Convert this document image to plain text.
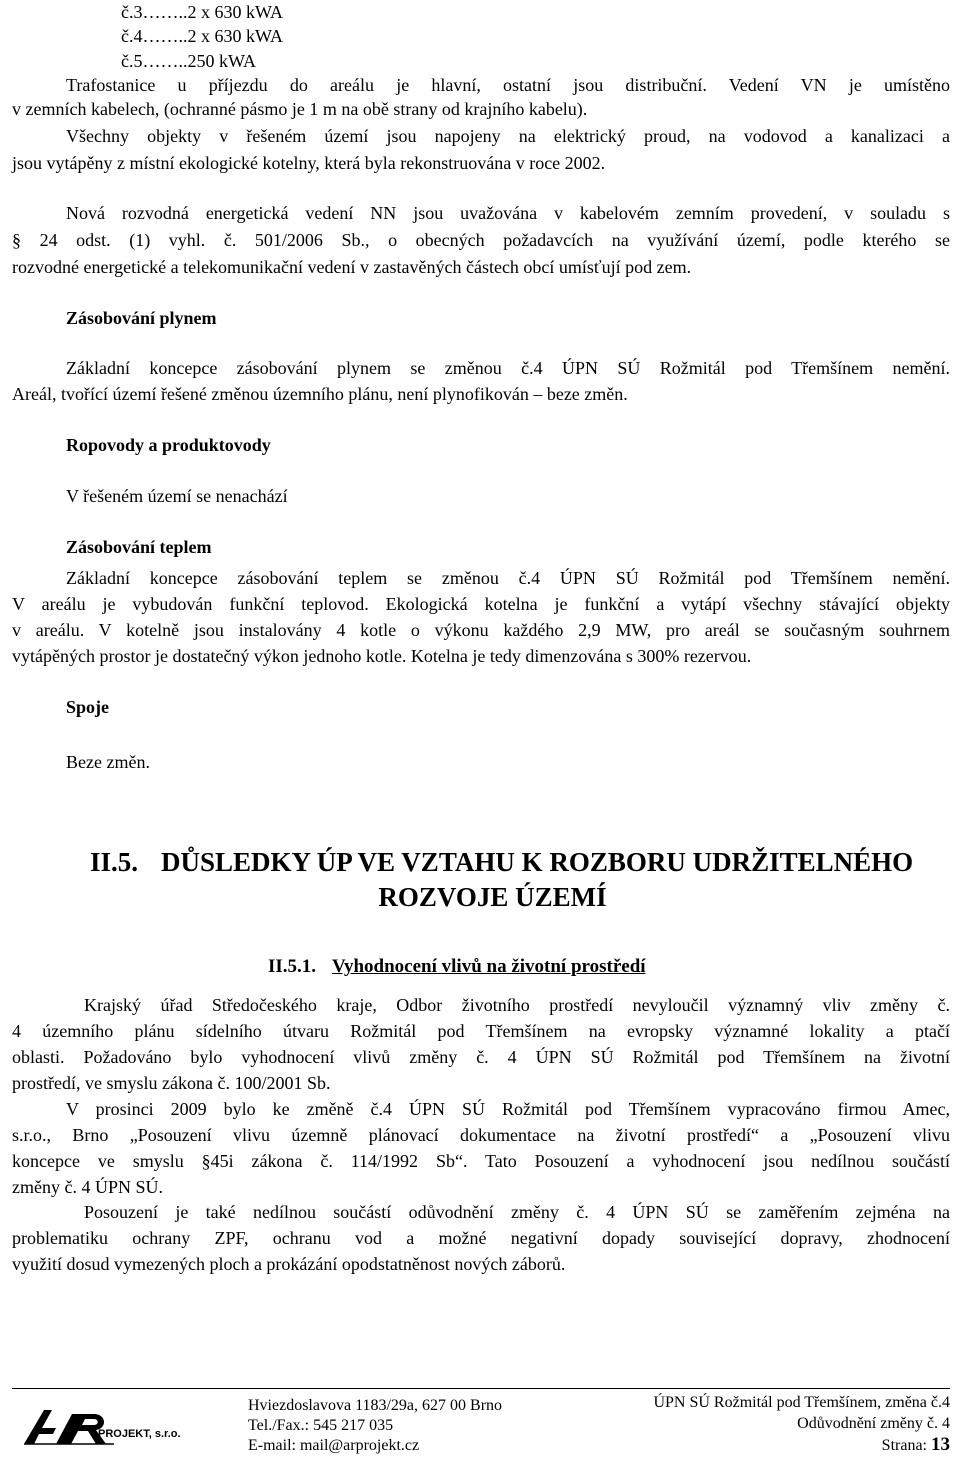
č.3……..2 x 630 kWA
č.4……..2 x 630 kWA
č.5……..250 kWA
Trafostanice u příjezdu do areálu je hlavní, ostatní jsou distribuční. Vedení VN je umístěno
v zemních kabelech, (ochranné pásmo je 1 m na obě strany od krajního kabelu).
Všechny objekty v řešeném území jsou napojeny na elektrický proud, na vodovod a kanalizaci a
jsou vytápěny z místní ekologické kotelny, která byla rekonstruována v roce 2002.
Nová rozvodná energetická vedení NN jsou uvažována v kabelovém zemním provedení, v souladu s
§ 24 odst. (1) vyhl. č. 501/2006 Sb., o obecných požadavcích na využívání území, podle kterého se
rozvodné energetické a telekomunikační vedení v zastavěných částech obcí umísťují pod zem.
Zásobování plynem
Základní koncepce zásobování plynem se změnou č.4 ÚPN SÚ Rožmitál pod Třemšínem nemění.
Areál, tvořící území řešené změnou územního plánu, není plynofikován – beze změn.
Ropovody a produktovody
V řešeném území se nenachází
Zásobování teplem
Základní koncepce zásobování teplem se změnou č.4 ÚPN SÚ Rožmitál pod Třemšínem nemění.
V areálu je vybudován funkční teplovod. Ekologická kotelna je funkční a vytápí všechny stávající objekty
v areálu. V kotelně jsou instalovány 4 kotle o výkonu každého 2,9 MW, pro areál se současným souhrnem
vytápěných prostor je dostatečný výkon jednoho kotle. Kotelna je tedy dimenzována s 300% rezervou.
Spoje
Beze změn.
II.5. DŮSLEDKY ÚP VE VZTAHU K ROZBORU UDRŽITELNÉHO
ROZVOJE ÚZEMÍ
II.5.1. Vyhodnocení vlivů na životní prostředí
Krajský úřad Středočeského kraje, Odbor životního prostředí nevyloučil významný vliv změny č.
4 územního plánu sídelního útvaru Rožmitál pod Třemšínem na evropsky významné lokality a ptačí
oblasti. Požadováno bylo vyhodnocení vlivů změny č. 4 ÚPN SÚ Rožmitál pod Třemšínem na životní
prostředí, ve smyslu zákona č. 100/2001 Sb.
V prosinci 2009 bylo ke změně č.4 ÚPN SÚ Rožmitál pod Třemšínem vypracováno firmou Amec,
s.r.o., Brno „Posouzení vlivu územně plánovací dokumentace na životní prostředí“ a „Posouzení vlivu
koncepce ve smyslu §45i zákona č. 114/1992 Sb“. Tato Posouzení a vyhodnocení jsou nedílnou součástí
změny č. 4 ÚPN SÚ.
Posouzení je také nedílnou součástí odůvodnění změny č. 4 ÚPN SÚ se zaměřením zejména na
problematiku ochrany ZPF, ochranu vod a možné negativní dopady související dopravy, zhodnocení
využití dosud vymezených ploch a prokázání opodstatněnost nových záborů.
PROJEKT, s.r.o.
Hviezdoslavova 1183/29a, 627 00 Brno
Tel./Fax.: 545 217 035
E-mail: mail@arprojekt.cz
ÚPN SÚ Rožmitál pod Třemšínem, změna č.4
Odůvodnění změny č. 4
Strana: 13
